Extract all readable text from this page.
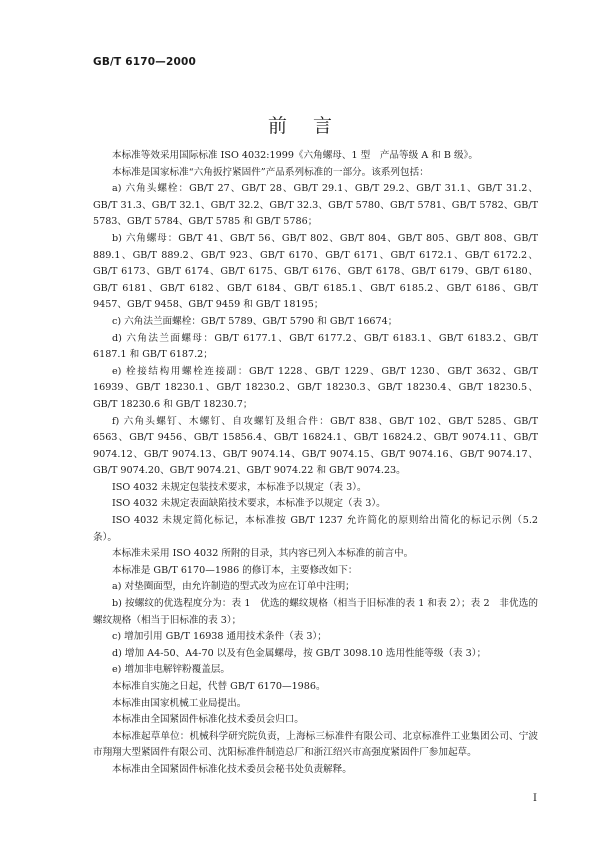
GB/T 6170—2000
前言

本标准等效采用国际标准 ISO 4032:1999《六角螺母、1 型　产品等级 A 和 B 级》。

本标准是国家标准“六角扳拧紧固件”产品系列标准的一部分。该系列包括：

a) 六角头螺栓：GB/T 27、GB/T 28、GB/T 29.1、GB/T 29.2、GB/T 31.1、GB/T 31.2、GB/T 31.3、GB/T 32.1、GB/T 32.2、GB/T 32.3、GB/T 5780、GB/T 5781、GB/T 5782、GB/T 5783、GB/T 5784、GB/T 5785 和 GB/T 5786；

b) 六角螺母：GB/T 41、GB/T 56、GB/T 802、GB/T 804、GB/T 805、GB/T 808、GB/T 889.1、GB/T 889.2、GB/T 923、GB/T 6170、GB/T 6171、GB/T 6172.1、GB/T 6172.2、GB/T 6173、GB/T 6174、GB/T 6175、GB/T 6176、GB/T 6178、GB/T 6179、GB/T 6180、GB/T 6181、GB/T 6182、GB/T 6184、GB/T 6185.1、GB/T 6185.2、GB/T 6186、GB/T 9457、GB/T 9458、GB/T 9459 和 GB/T 18195；

c) 六角法兰面螺栓：GB/T 5789、GB/T 5790 和 GB/T 16674；

d) 六角法兰面螺母：GB/T 6177.1、GB/T 6177.2、GB/T 6183.1、GB/T 6183.2、GB/T 6187.1 和 GB/T 6187.2；

e) 栓接结构用螺栓连接副：GB/T 1228、GB/T 1229、GB/T 1230、GB/T 3632、GB/T 16939、GB/T 18230.1、GB/T 18230.2、GB/T 18230.3、GB/T 18230.4、GB/T 18230.5、GB/T 18230.6 和 GB/T 18230.7；

f) 六角头螺钉、木螺钉、自攻螺钉及组合件：GB/T 838、GB/T 102、GB/T 5285、GB/T 6563、GB/T 9456、GB/T 15856.4、GB/T 16824.1、GB/T 16824.2、GB/T 9074.11、GB/T 9074.12、GB/T 9074.13、GB/T 9074.14、GB/T 9074.15、GB/T 9074.16、GB/T 9074.17、GB/T 9074.20、GB/T 9074.21、GB/T 9074.22 和 GB/T 9074.23。

ISO 4032 未规定包装技术要求，本标准予以规定（表 3）。

ISO 4032 未规定表面缺陷技术要求，本标准予以规定（表 3）。

ISO 4032 未规定简化标记，本标准按 GB/T 1237 允许简化的原则给出简化的标记示例（5.2 条）。

本标准未采用 ISO 4032 所附的目录，其内容已列入本标准的前言中。

本标准是 GB/T 6170—1986 的修订本，主要修改如下：

a) 对垫圈面型，由允许制造的型式改为应在订单中注明；

b) 按螺纹的优选程度分为：表 1　优选的螺纹规格（相当于旧标准的表 1 和表 2）；表 2　非优选的螺纹规格（相当于旧标准的表 3）；

c) 增加引用 GB/T 16938 通用技术条件（表 3）；

d) 增加 A4-50、A4-70 以及有色金属螺母，按 GB/T 3098.10 选用性能等级（表 3）；

e) 增加非电解锌粉覆盖层。

本标准自实施之日起，代替 GB/T 6170—1986。

本标准由国家机械工业局提出。

本标准由全国紧固件标准化技术委员会归口。

本标准起草单位：机械科学研究院负责，上海标三标准件有限公司、北京标准件工业集团公司、宁波市翔翔大型紧固件有限公司、沈阳标准件制造总厂和浙江绍兴市高强度紧固件厂参加起草。

本标准由全国紧固件标准化技术委员会秘书处负责解释。

I
